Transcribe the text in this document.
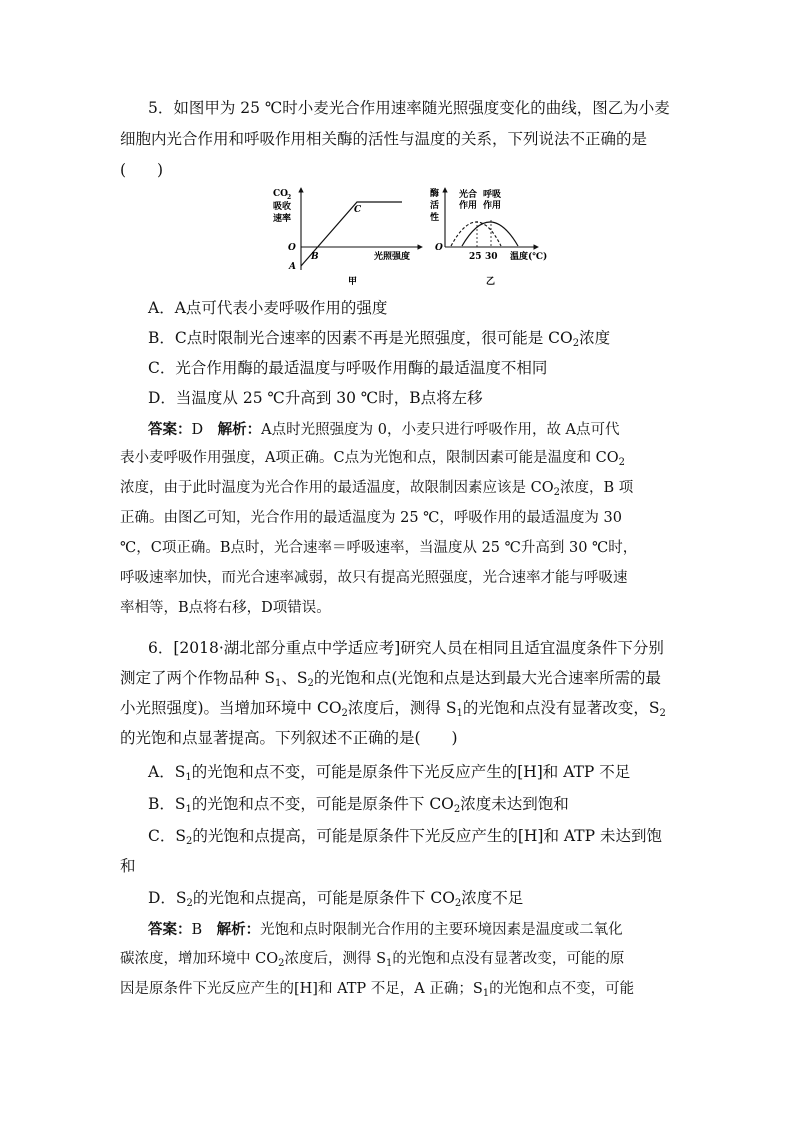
5．如图甲为 25 ℃时小麦光合作用速率随光照强度变化的曲线，图乙为小麦
细胞内光合作用和呼吸作用相关酶的活性与温度的关系，下列说法不正确的是
(　　)
CO
2
吸收
速率
O
A
B
C
光照强度
甲
酶
活
性
光合
作用
呼吸
作用
O
25 30 温度(℃)
乙
A．A点可代表小麦呼吸作用的强度
B．C点时限制光合速率的因素不再是光照强度，很可能是 $CO_2$浓度
C．光合作用酶的最适温度与呼吸作用酶的最适温度不相同
D．当温度从 25 ℃升高到 30 ℃时，B点将左移
答案：D　解析：A点时光照强度为 0，小麦只进行呼吸作用，故 A点可代
表小麦呼吸作用强度，A项正确。C点为光饱和点，限制因素可能是温度和 $CO_2$
浓度，由于此时温度为光合作用的最适温度，故限制因素应该是 $CO_2$浓度，B 项
正确。由图乙可知，光合作用的最适温度为 25 ℃，呼吸作用的最适温度为 30
℃，C项正确。B点时，光合速率＝呼吸速率，当温度从 25 ℃升高到 30 ℃时，
呼吸速率加快，而光合速率减弱，故只有提高光照强度，光合速率才能与呼吸速
率相等，B点将右移，D项错误。
6．[2018·湖北部分重点中学适应考]研究人员在相同且适宜温度条件下分别
测定了两个作物品种 $S_1$、$S_2$的光饱和点(光饱和点是达到最大光合速率所需的最
小光照强度)。当增加环境中 $CO_2$浓度后，测得 $S_1$的光饱和点没有显著改变，$S_2$
的光饱和点显著提高。下列叙述不正确的是(　　)
A．$S_1$的光饱和点不变，可能是原条件下光反应产生的[H]和 ATP 不足
B．$S_1$的光饱和点不变，可能是原条件下 $CO_2$浓度未达到饱和
C．$S_2$的光饱和点提高，可能是原条件下光反应产生的[H]和 ATP 未达到饱
和
D．$S_2$的光饱和点提高，可能是原条件下 $CO_2$浓度不足
答案：B　解析：光饱和点时限制光合作用的主要环境因素是温度或二氧化
碳浓度，增加环境中 $CO_2$浓度后，测得 $S_1$的光饱和点没有显著改变，可能的原
因是原条件下光反应产生的[H]和 ATP 不足，A 正确；$S_1$的光饱和点不变，可能
